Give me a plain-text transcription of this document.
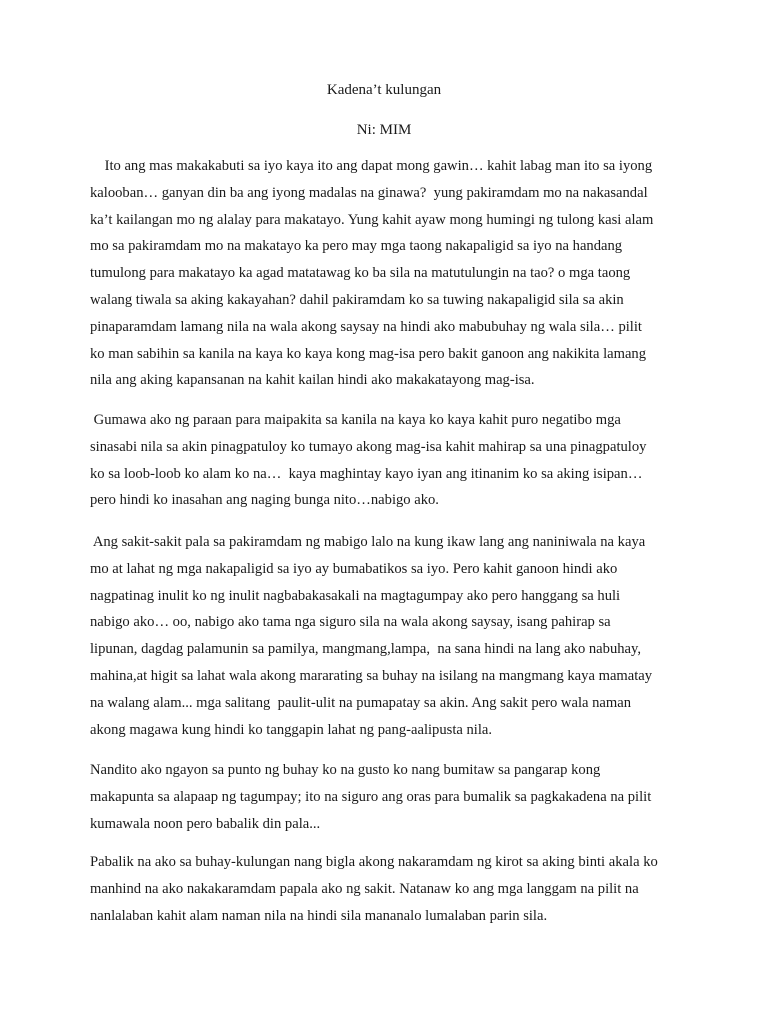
Kadena’t kulungan
Ni: MIM
Ito ang mas makakabuti sa iyo kaya ito ang dapat mong gawin… kahit labag man ito sa iyong
kalooban… ganyan din ba ang iyong madalas na ginawa?  yung pakiramdam mo na nakasandal
ka’t kailangan mo ng alalay para makatayo. Yung kahit ayaw mong humingi ng tulong kasi alam
mo sa pakiramdam mo na makatayo ka pero may mga taong nakapaligid sa iyo na handang
tumulong para makatayo ka agad matatawag ko ba sila na matutulungin na tao? o mga taong
walang tiwala sa aking kakayahan? dahil pakiramdam ko sa tuwing nakapaligid sila sa akin
pinaparamdam lamang nila na wala akong saysay na hindi ako mabubuhay ng wala sila… pilit
ko man sabihin sa kanila na kaya ko kaya kong mag-isa pero bakit ganoon ang nakikita lamang
nila ang aking kapansanan na kahit kailan hindi ako makakatayong mag-isa.
Gumawa ako ng paraan para maipakita sa kanila na kaya ko kaya kahit puro negatibo mga
sinasabi nila sa akin pinagpatuloy ko tumayo akong mag-isa kahit mahirap sa una pinagpatuloy
ko sa loob-loob ko alam ko na…  kaya maghintay kayo iyan ang itinanim ko sa aking isipan…
pero hindi ko inasahan ang naging bunga nito…nabigo ako.
Ang sakit-sakit pala sa pakiramdam ng mabigo lalo na kung ikaw lang ang naniniwala na kaya
mo at lahat ng mga nakapaligid sa iyo ay bumabatikos sa iyo. Pero kahit ganoon hindi ako
nagpatinag inulit ko ng inulit nagbabakasakali na magtagumpay ako pero hanggang sa huli
nabigo ako… oo, nabigo ako tama nga siguro sila na wala akong saysay, isang pahirap sa
lipunan, dagdag palamunin sa pamilya, mangmang,lampa,  na sana hindi na lang ako nabuhay,
mahina,at higit sa lahat wala akong mararating sa buhay na isilang na mangmang kaya mamatay
na walang alam... mga salitang  paulit-ulit na pumapatay sa akin. Ang sakit pero wala naman
akong magawa kung hindi ko tanggapin lahat ng pang-aalipusta nila.
Nandito ako ngayon sa punto ng buhay ko na gusto ko nang bumitaw sa pangarap kong
makapunta sa alapaap ng tagumpay; ito na siguro ang oras para bumalik sa pagkakadena na pilit
kumawala noon pero babalik din pala...
Pabalik na ako sa buhay-kulungan nang bigla akong nakaramdam ng kirot sa aking binti akala ko
manhind na ako nakakaramdam papala ako ng sakit. Natanaw ko ang mga langgam na pilit na
nanlalaban kahit alam naman nila na hindi sila mananalo lumalaban parin sila.
